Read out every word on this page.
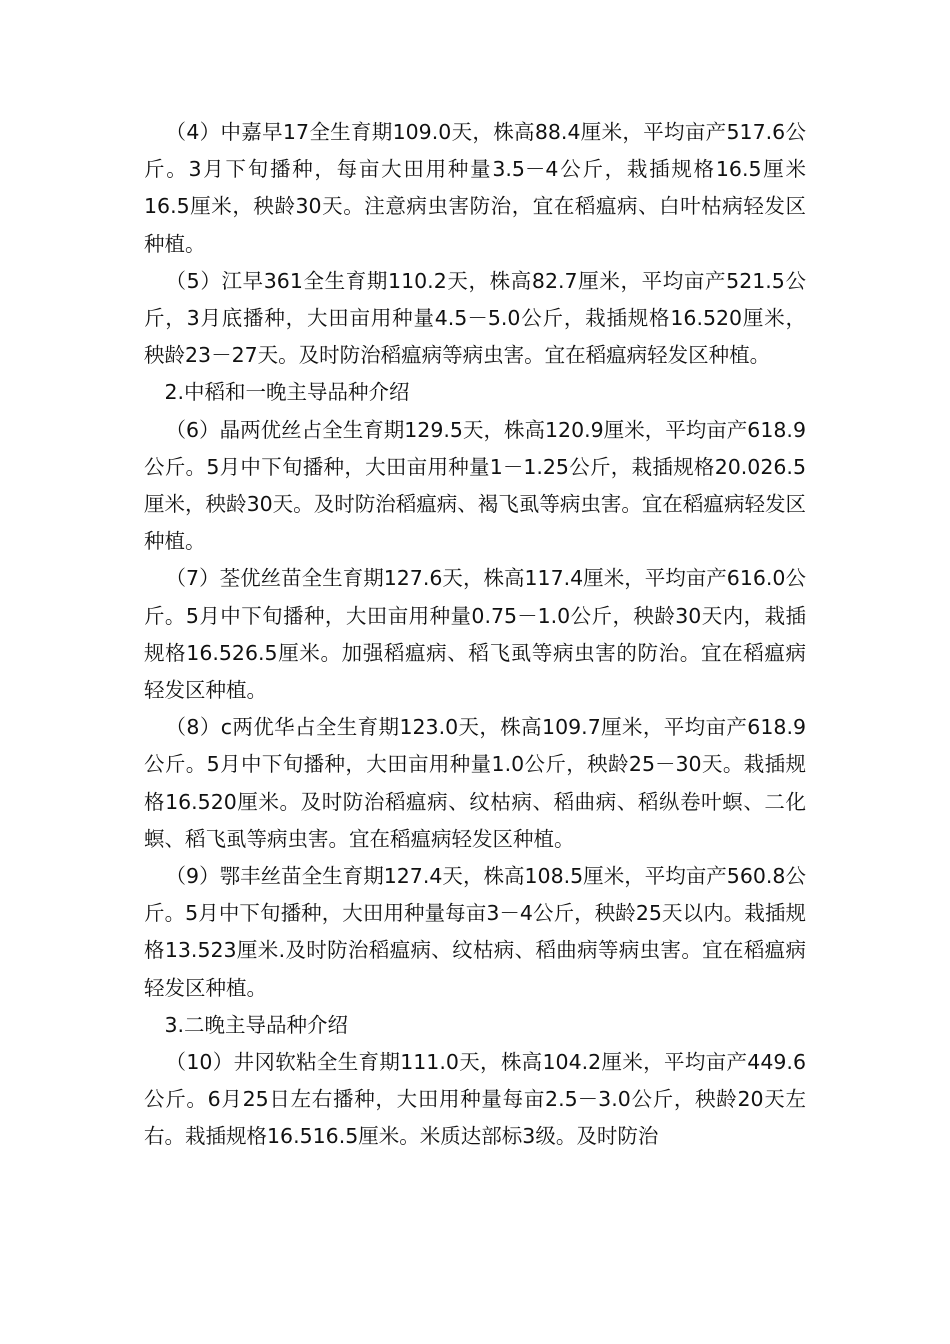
（4）中嘉早17全生育期109.0天，株高88.4厘米，平均亩产517.6公斤。3月下旬播种，每亩大田用种量3.5－4公斤，栽插规格16.5厘米16.5厘米，秧龄30天。注意病虫害防治，宜在稻瘟病、白叶枯病轻发区种植。

（5）江早361全生育期110.2天，株高82.7厘米，平均亩产521.5公斤，3月底播种，大田亩用种量4.5－5.0公斤，栽插规格16.520厘米，秧龄23－27天。及时防治稻瘟病等病虫害。宜在稻瘟病轻发区种植。

2.中稻和一晚主导品种介绍

（6）晶两优丝占全生育期129.5天，株高120.9厘米，平均亩产618.9公斤。5月中下旬播种，大田亩用种量1－1.25公斤，栽插规格20.026.5厘米，秧龄30天。及时防治稻瘟病、褐飞虱等病虫害。宜在稻瘟病轻发区种植。

（7）荃优丝苗全生育期127.6天，株高117.4厘米，平均亩产616.0公斤。5月中下旬播种，大田亩用种量0.75－1.0公斤，秧龄30天内，栽插规格16.526.5厘米。加强稻瘟病、稻飞虱等病虫害的防治。宜在稻瘟病轻发区种植。

（8）c两优华占全生育期123.0天，株高109.7厘米，平均亩产618.9公斤。5月中下旬播种，大田亩用种量1.0公斤，秧龄25－30天。栽插规格16.520厘米。及时防治稻瘟病、纹枯病、稻曲病、稻纵卷叶螟、二化螟、稻飞虱等病虫害。宜在稻瘟病轻发区种植。

（9）鄂丰丝苗全生育期127.4天，株高108.5厘米，平均亩产560.8公斤。5月中下旬播种，大田用种量每亩3－4公斤，秧龄25天以内。栽插规格13.523厘米.及时防治稻瘟病、纹枯病、稻曲病等病虫害。宜在稻瘟病轻发区种植。

3.二晚主导品种介绍

（10）井冈软粘全生育期111.0天，株高104.2厘米，平均亩产449.6公斤。6月25日左右播种，大田用种量每亩2.5－3.0公斤，秧龄20天左右。栽插规格16.516.5厘米。米质达部标3级。及时防治
